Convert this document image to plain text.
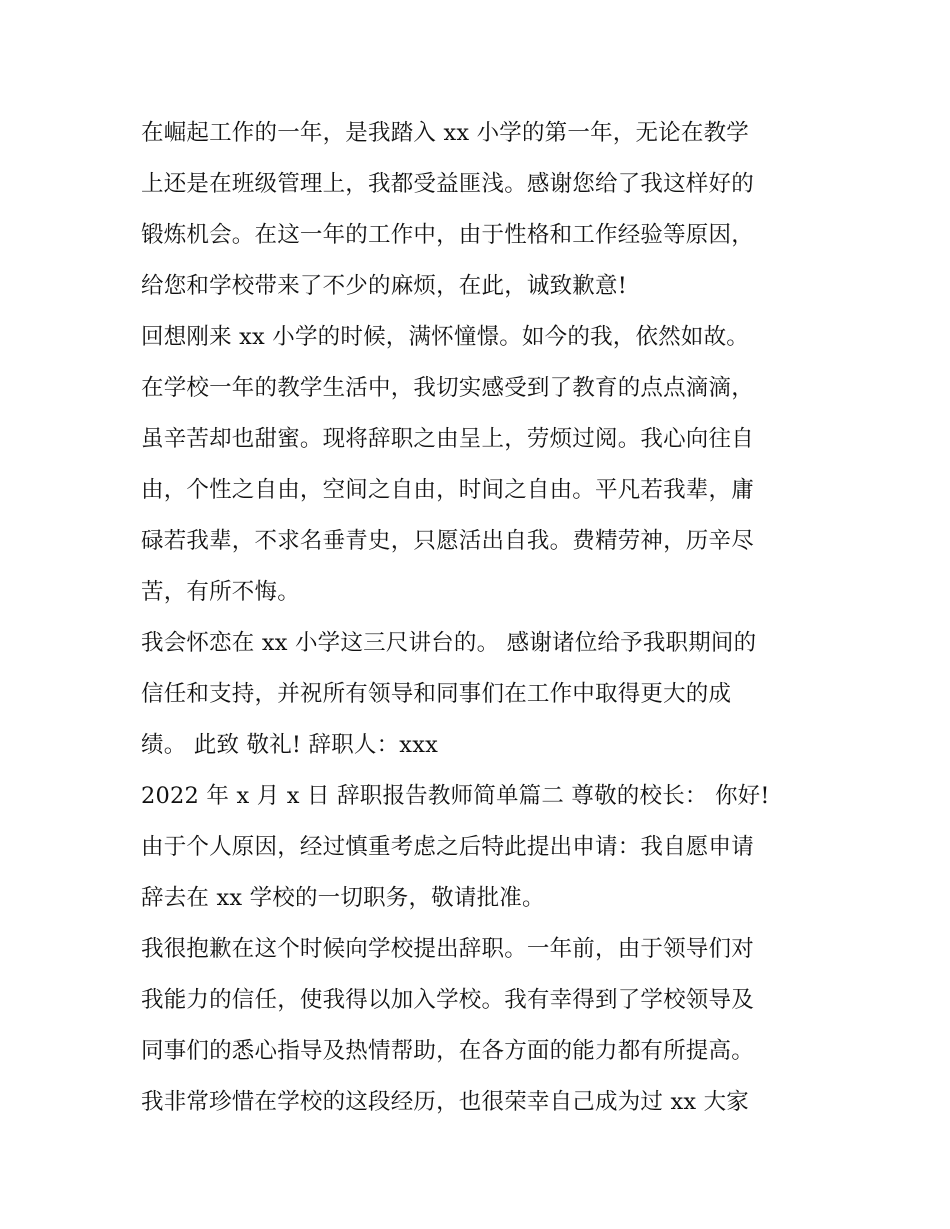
在崛起工作的一年，是我踏入 xx 小学的第一年，无论在教学
上还是在班级管理上，我都受益匪浅。感谢您给了我这样好的
锻炼机会。在这一年的工作中，由于性格和工作经验等原因，
给您和学校带来了不少的麻烦，在此，诚致歉意!
回想刚来 xx 小学的时候，满怀憧憬。如今的我，依然如故。
在学校一年的教学生活中，我切实感受到了教育的点点滴滴，
虽辛苦却也甜蜜。现将辞职之由呈上，劳烦过阅。我心向往自
由，个性之自由，空间之自由，时间之自由。平凡若我辈，庸
碌若我辈，不求名垂青史，只愿活出自我。费精劳神，历辛尽
苦，有所不悔。
我会怀恋在 xx 小学这三尺讲台的。 感谢诸位给予我职期间的
信任和支持，并祝所有领导和同事们在工作中取得更大的成
绩。 此致 敬礼! 辞职人：xxx
2022 年 x 月 x 日 辞职报告教师简单篇二 尊敬的校长： 你好!
由于个人原因，经过慎重考虑之后特此提出申请：我自愿申请
辞去在 xx 学校的一切职务，敬请批准。
我很抱歉在这个时候向学校提出辞职。一年前，由于领导们对
我能力的信任，使我得以加入学校。我有幸得到了学校领导及
同事们的悉心指导及热情帮助，在各方面的能力都有所提高。
我非常珍惜在学校的这段经历，也很荣幸自己成为过 xx 大家
